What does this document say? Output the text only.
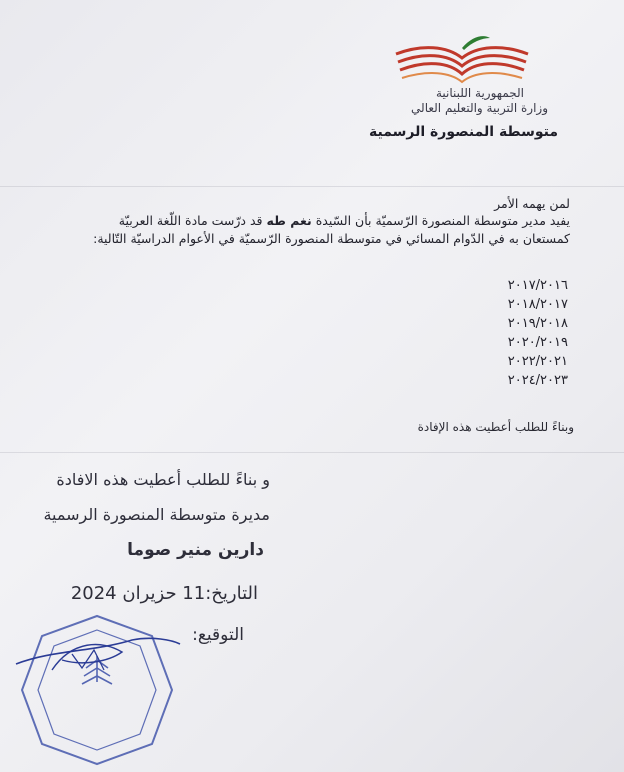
الجمهورية اللبنانية
وزارة التربية والتعليم العالي
متوسطة المنصورة الرسمية
لمن يهمه الأمر
يفيد مدير متوسطة المنصورة الرّسميّة بأن السّيدة نغم طه قد درّست مادة اللّغة العربيّة
كمستعان به في الدّوام المسائي في متوسطة المنصورة الرّسميّة في الأعوام الدراسيّة التّالية:
٢٠١٧/٢٠١٦
٢٠١٨/٢٠١٧
٢٠١٩/٢٠١٨
٢٠٢٠/٢٠١٩
٢٠٢٢/٢٠٢١
٢٠٢٤/٢٠٢٣
وبناءً للطلب أعطيت هذه الإفادة
و بناءً للطلب أعطيت هذه الافادة
مديرة متوسطة المنصورة الرسمية
دارين منير صوما
التاريخ:11 حزيران 2024
التوقيع:
